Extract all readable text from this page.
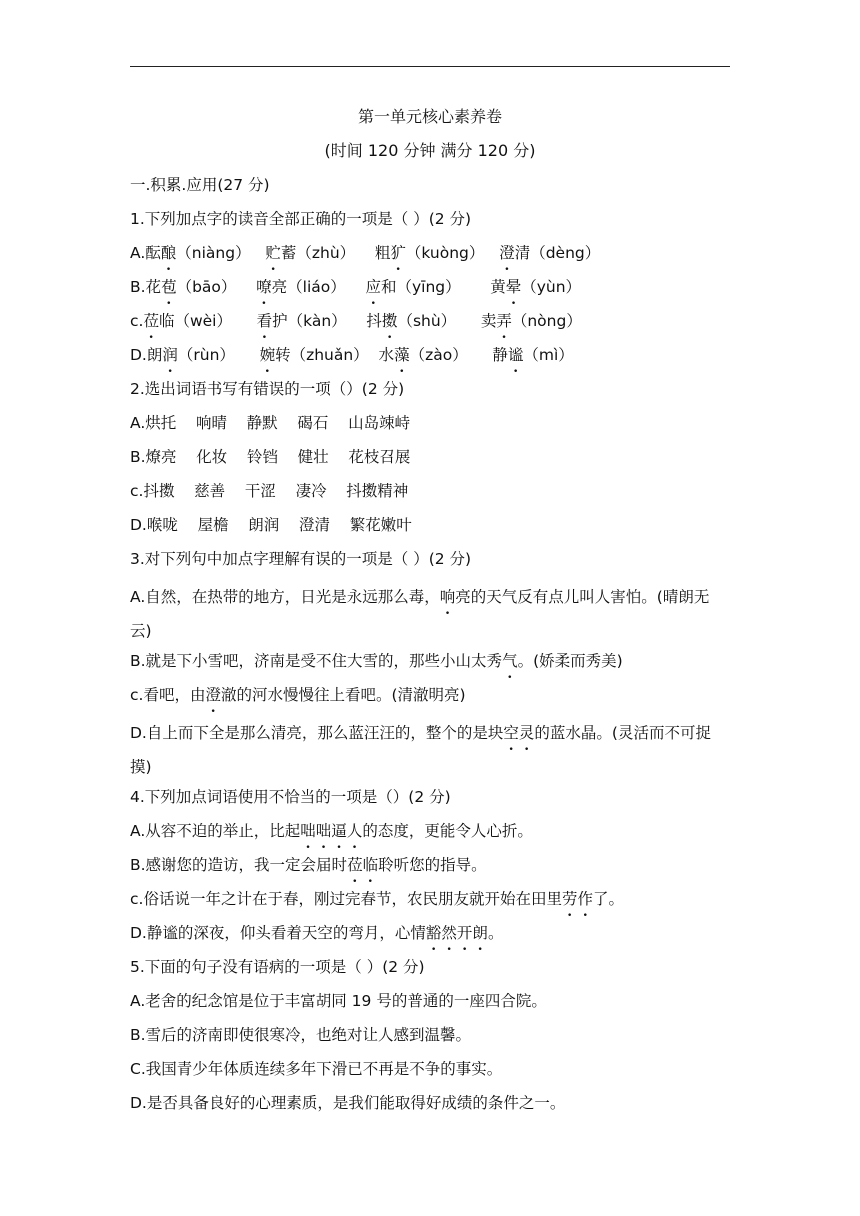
第一单元核心素养卷
(时间 120 分钟 满分 120 分)
一.积累.应用(27 分)
1.下列加点字的读音全部正确的一项是（ ）(2 分)
A.酝酿（niàng） 贮蓄（zhù） 粗犷（kuòng） 澄清（dèng）
B.花苞（bāo） 嘹亮（liáo） 应和（yīng） 黄晕（yùn）
c.莅临（wèi） 看护（kàn） 抖擞（shù） 卖弄（nòng）
D.朗润（rùn） 婉转（zhuǎn） 水藻（zào） 静谧（mì）
2.选出词语书写有错误的一项（）(2 分)
A.烘托    响晴    静默    碣石    山岛竦峙
B.燎亮    化妆    铃铛    健壮    花枝召展
c.抖擞    慈善    干涩    凄冷    抖擞精神
D.喉咙    屋檐    朗润    澄清    繁花嫩叶
3.对下列句中加点字理解有误的一项是（ ）(2 分)
A.自然，在热带的地方，日光是永远那么毒，响亮的天气反有点儿叫人害怕。(晴朗无云)
B.就是下小雪吧，济南是受不住大雪的，那些小山太秀气。(娇柔而秀美)
c.看吧，由澄澈的河水慢慢往上看吧。(清澈明亮)
D.自上而下全是那么清亮，那么蓝汪汪的，整个的是块空灵的蓝水晶。(灵活而不可捉摸)
4.下列加点词语使用不恰当的一项是（）(2 分)
A.从容不迫的举止，比起咄咄逼人的态度，更能令人心折。
B.感谢您的造访，我一定会届时莅临聆听您的指导。
c.俗话说一年之计在于春，刚过完春节，农民朋友就开始在田里劳作了。
D.静谧的深夜，仰头看着天空的弯月，心情豁然开朗。
5.下面的句子没有语病的一项是（ ）(2 分)
A.老舍的纪念馆是位于丰富胡同 19 号的普通的一座四合院。
B.雪后的济南即使很寒冷，也绝对让人感到温馨。
C.我国青少年体质连续多年下滑已不再是不争的事实。
D.是否具备良好的心理素质，是我们能取得好成绩的条件之一。
